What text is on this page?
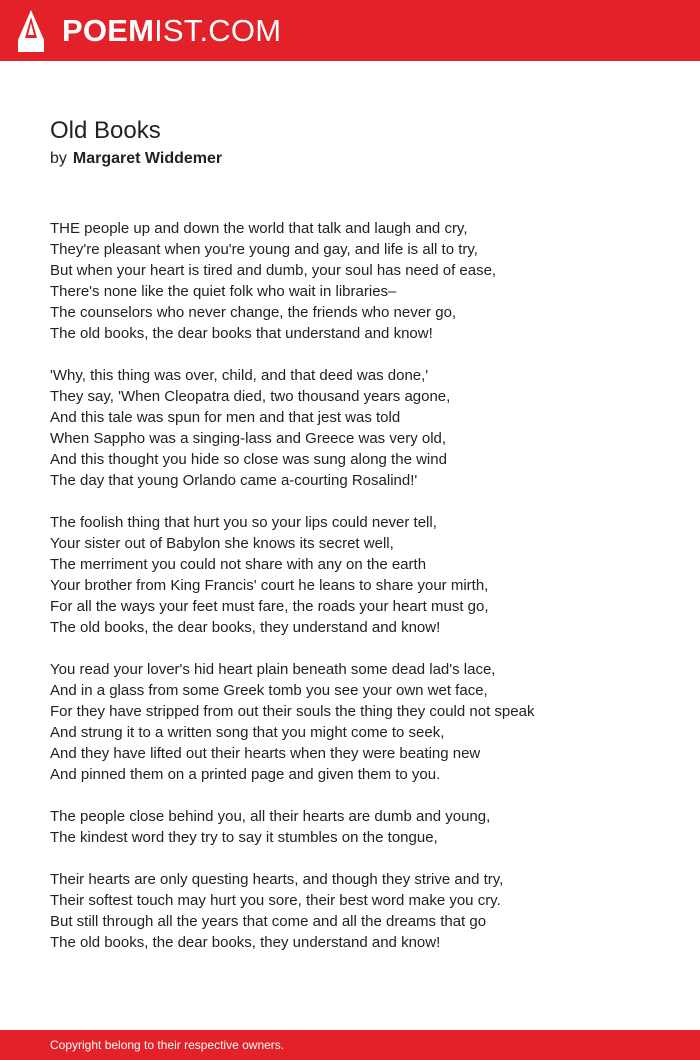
POEMIST.COM
Old Books
by Margaret Widdemer
THE people up and down the world that talk and laugh and cry,
They're pleasant when you're young and gay, and life is all to try,
But when your heart is tired and dumb, your soul has need of ease,
There's none like the quiet folk who wait in libraries–
The counselors who never change, the friends who never go,
The old books, the dear books that understand and know!
'Why, this thing was over, child, and that deed was done,'
They say, 'When Cleopatra died, two thousand years agone,
And this tale was spun for men and that jest was told
When Sappho was a singing-lass and Greece was very old,
And this thought you hide so close was sung along the wind
The day that young Orlando came a-courting Rosalind!'
The foolish thing that hurt you so your lips could never tell,
Your sister out of Babylon she knows its secret well,
The merriment you could not share with any on the earth
Your brother from King Francis' court he leans to share your mirth,
For all the ways your feet must fare, the roads your heart must go,
The old books, the dear books, they understand and know!
You read your lover's hid heart plain beneath some dead lad's lace,
And in a glass from some Greek tomb you see your own wet face,
For they have stripped from out their souls the thing they could not speak
And strung it to a written song that you might come to seek,
And they have lifted out their hearts when they were beating new
And pinned them on a printed page and given them to you.
The people close behind you, all their hearts are dumb and young,
The kindest word they try to say it stumbles on the tongue,
Their hearts are only questing hearts, and though they strive and try,
Their softest touch may hurt you sore, their best word make you cry.
But still through all the years that come and all the dreams that go
The old books, the dear books, they understand and know!
Copyright belong to their respective owners.
